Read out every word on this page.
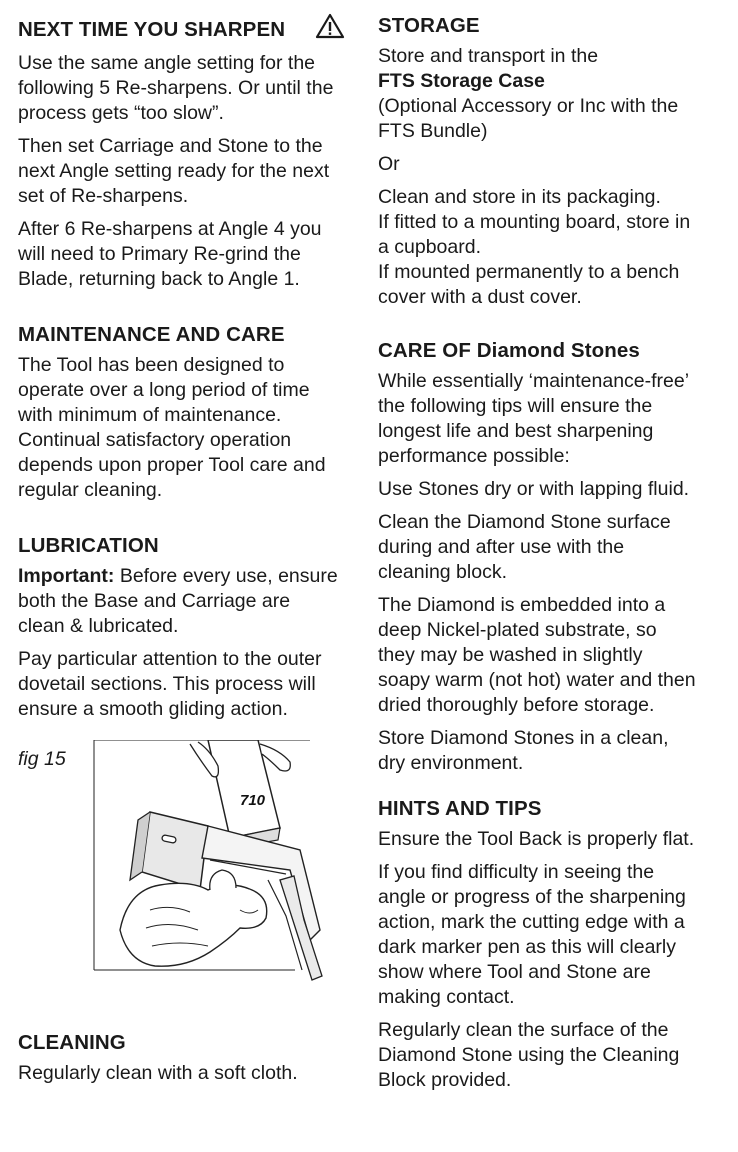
NEXT TIME YOU SHARPEN

Use the same angle setting for the
following 5 Re-sharpens. Or until the
process gets “too slow”.

Then set Carriage and Stone to the
next Angle setting ready for the next
set of Re-sharpens.

After 6 Re-sharpens at Angle 4 you
will need to Primary Re-grind the
Blade, returning back to Angle 1.

MAINTENANCE AND CARE

The Tool has been designed to
operate over a long period of time
with minimum of maintenance.
Continual satisfactory operation
depends upon proper Tool care and
regular cleaning.

LUBRICATION

Important: Before every use, ensure
both the Base and Carriage are
clean & lubricated.

Pay particular attention to the outer
dovetail sections. This process will
ensure a smooth gliding action.

fig 15
710
CLEANING

Regularly clean with a soft cloth.

STORAGE

Store and transport in the
FTS Storage Case
(Optional Accessory or Inc with the
FTS Bundle)

Or

Clean and store in its packaging.
If fitted to a mounting board, store in
a cupboard.
If mounted permanently to a bench
cover with a dust cover.

CARE OF Diamond Stones

While essentially ‘maintenance-free’
the following tips will ensure the
longest life and best sharpening
performance possible:

Use Stones dry or with lapping fluid.

Clean the Diamond Stone surface
during and after use with the
cleaning block.

The Diamond is embedded into a
deep Nickel-plated substrate, so
they may be washed in slightly
soapy warm (not hot) water and then
dried thoroughly before storage.

Store Diamond Stones in a clean,
dry environment.

HINTS AND TIPS

Ensure the Tool Back is properly flat.

If you find difficulty in seeing the
angle or progress of the sharpening
action, mark the cutting edge with a
dark marker pen as this will clearly
show where Tool and Stone are
making contact.

Regularly clean the surface of the
Diamond Stone using the Cleaning
Block provided.
